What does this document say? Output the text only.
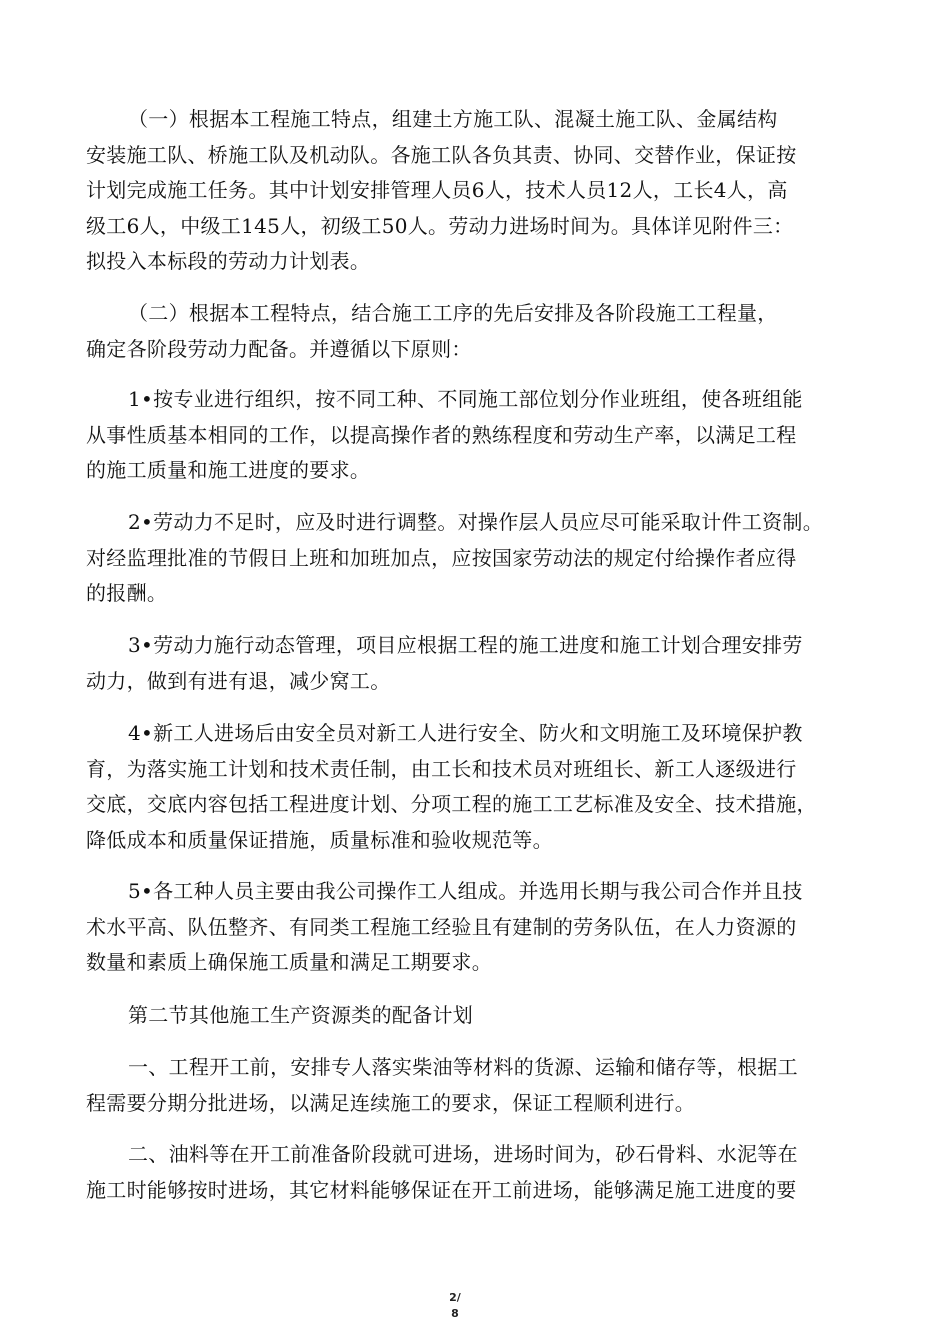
（一）根据本工程施工特点，组建土方施工队、混凝土施工队、金属结构
安装施工队、桥施工队及机动队。各施工队各负其责、协同、交替作业，保证按
计划完成施工任务。其中计划安排管理人员6人，技术人员12人，工长4人，高
级工6人，中级工145人，初级工50人。劳动力进场时间为。具体详见附件三：
拟投入本标段的劳动力计划表。

（二）根据本工程特点，结合施工工序的先后安排及各阶段施工工程量，
确定各阶段劳动力配备。并遵循以下原则：

1•按专业进行组织，按不同工种、不同施工部位划分作业班组，使各班组能
从事性质基本相同的工作，以提高操作者的熟练程度和劳动生产率，以满足工程
的施工质量和施工进度的要求。

2•劳动力不足时，应及时进行调整。对操作层人员应尽可能采取计件工资制。
对经监理批准的节假日上班和加班加点，应按国家劳动法的规定付给操作者应得
的报酬。

3•劳动力施行动态管理，项目应根据工程的施工进度和施工计划合理安排劳
动力，做到有进有退，减少窝工。

4•新工人进场后由安全员对新工人进行安全、防火和文明施工及环境保护教
育，为落实施工计划和技术责任制，由工长和技术员对班组长、新工人逐级进行
交底，交底内容包括工程进度计划、分项工程的施工工艺标准及安全、技术措施，
降低成本和质量保证措施，质量标准和验收规范等。

5•各工种人员主要由我公司操作工人组成。并选用长期与我公司合作并且技
术水平高、队伍整齐、有同类工程施工经验且有建制的劳务队伍，在人力资源的
数量和素质上确保施工质量和满足工期要求。

第二节其他施工生产资源类的配备计划

一、工程开工前，安排专人落实柴油等材料的货源、运输和储存等，根据工
程需要分期分批进场，以满足连续施工的要求，保证工程顺利进行。

二、油料等在开工前准备阶段就可进场，进场时间为，砂石骨料、水泥等在
施工时能够按时进场，其它材料能够保证在开工前进场，能够满足施工进度的要

2/
8
